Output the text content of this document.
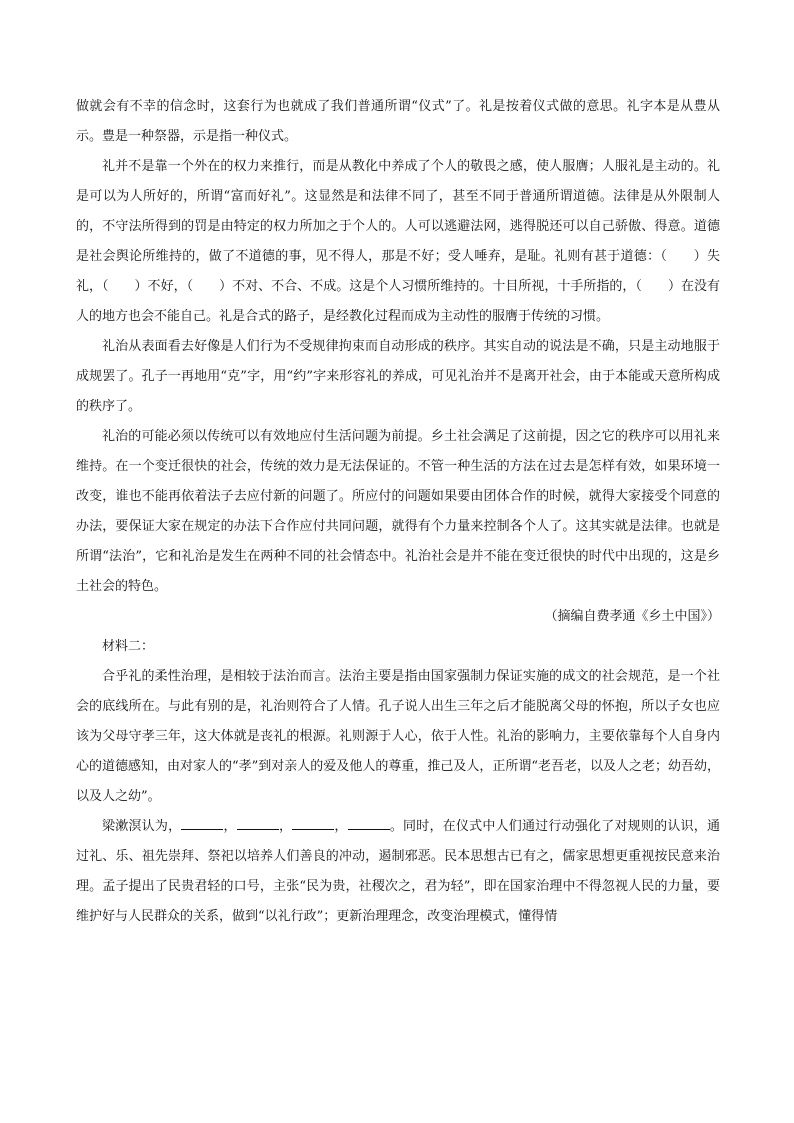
做就会有不幸的信念时，这套行为也就成了我们普通所谓“仪式”了。礼是按着仪式做的意思。礼字本是从豊从示。豊是一种祭器，示是指一种仪式。

礼并不是靠一个外在的权力来推行，而是从教化中养成了个人的敬畏之感，使人服膺；人服礼是主动的。礼是可以为人所好的，所谓“富而好礼”。这显然是和法律不同了，甚至不同于普通所谓道德。法律是从外限制人的，不守法所得到的罚是由特定的权力所加之于个人的。人可以逃避法网，逃得脱还可以自己骄傲、得意。道德是社会舆论所维持的，做了不道德的事，见不得人，那是不好；受人唾弃，是耻。礼则有甚于道德：（　　）失礼，（　　）不好，（　　）不对、不合、不成。这是个人习惯所维持的。十目所视，十手所指的，（　　）在没有人的地方也会不能自己。礼是合式的路子，是经教化过程而成为主动性的服膺于传统的习惯。

礼治从表面看去好像是人们行为不受规律拘束而自动形成的秩序。其实自动的说法是不确，只是主动地服于成规罢了。孔子一再地用“克”字，用“约”字来形容礼的养成，可见礼治并不是离开社会，由于本能或天意所构成的秩序了。

礼治的可能必须以传统可以有效地应付生活问题为前提。乡土社会满足了这前提，因之它的秩序可以用礼来维持。在一个变迁很快的社会，传统的效力是无法保证的。不管一种生活的方法在过去是怎样有效，如果环境一改变，谁也不能再依着法子去应付新的问题了。所应付的问题如果要由团体合作的时候，就得大家接受个同意的办法，要保证大家在规定的办法下合作应付共同问题，就得有个力量来控制各个人了。这其实就是法律。也就是所谓“法治”，它和礼治是发生在两种不同的社会情态中。礼治社会是并不能在变迁很快的时代中出现的，这是乡土社会的特色。

（摘编自费孝通《乡土中国》）

材料二：

合乎礼的柔性治理，是相较于法治而言。法治主要是指由国家强制力保证实施的成文的社会规范，是一个社会的底线所在。与此有别的是，礼治则符合了人情。孔子说人出生三年之后才能脱离父母的怀抱，所以子女也应该为父母守孝三年，这大体就是丧礼的根源。礼则源于人心，依于人性。礼治的影响力，主要依靠每个人自身内心的道德感知，由对家人的“孝”到对亲人的爱及他人的尊重，推己及人，正所谓“老吾老，以及人之老；幼吾幼，以及人之幼”。

梁漱溟认为，	，	，	，	。同时，在仪式中人们通过行动强化了对规则的认识，通过礼、乐、祖先崇拜、祭祀以培养人们善良的冲动，遏制邪恶。民本思想古已有之，儒家思想更重视按民意来治理。孟子提出了民贵君轻的口号，主张“民为贵，社稷次之，君为轻”，即在国家治理中不得忽视人民的力量，要维护好与人民群众的关系，做到“以礼行政”；更新治理理念，改变治理模式，懂得情
